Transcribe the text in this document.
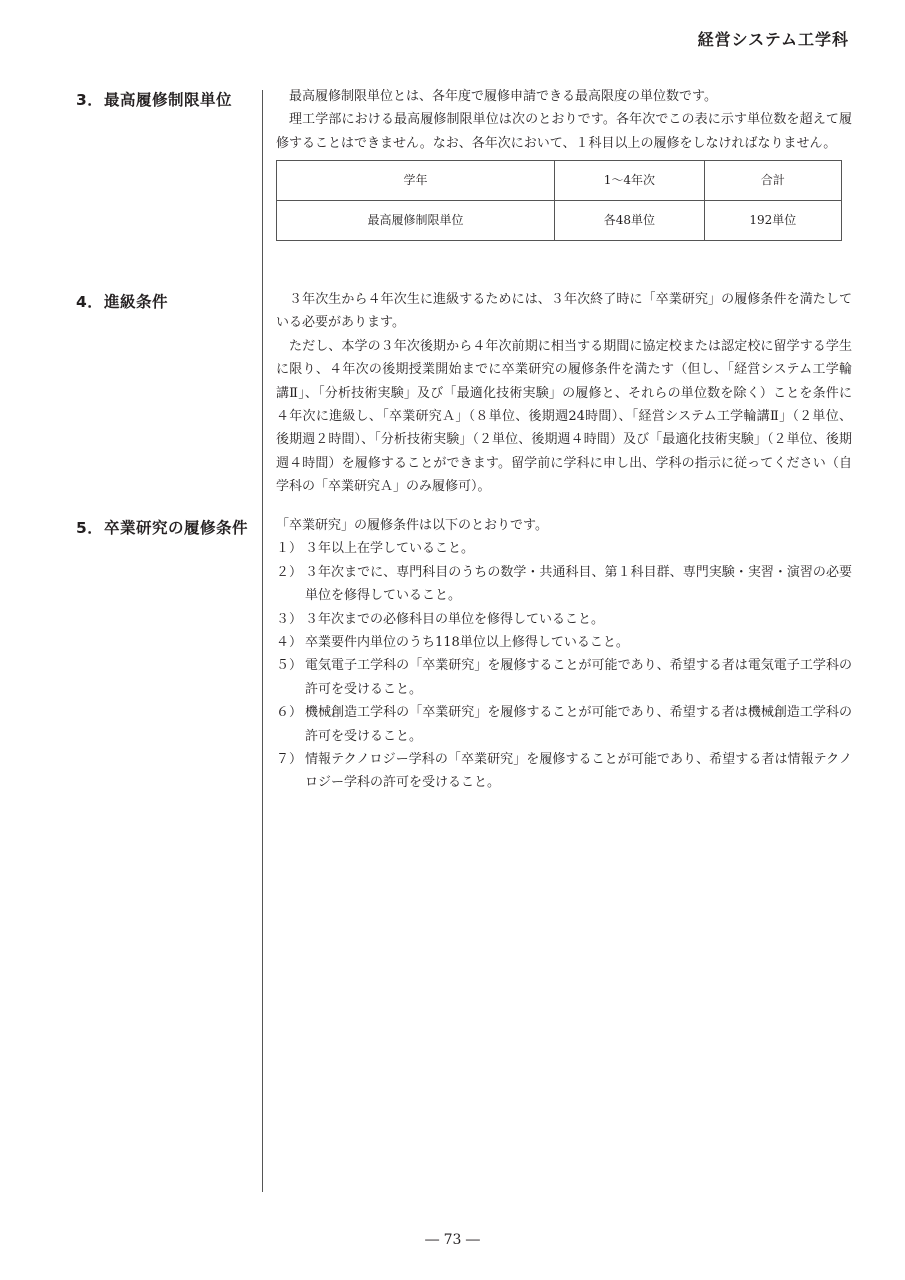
経営システム工学科
3．最高履修制限単位	最高履修制限単位とは、各年度で履修申請できる最高限度の単位数です。

理工学部における最高履修制限単位は次のとおりです。各年次でこの表に示す単位数を超えて履修することはできません。なお、各年次において、１科目以上の履修をしなければなりません。

学年	1～4年次	合計
最高履修制限単位	各48単位	192単位
4．進級条件	３年次生から４年次生に進級するためには、３年次終了時に「卒業研究」の履修条件を満たしている必要があります。

ただし、本学の３年次後期から４年次前期に相当する期間に協定校または認定校に留学する学生に限り、４年次の後期授業開始までに卒業研究の履修条件を満たす（但し、「経営システム工学輪講Ⅱ」、「分析技術実験」及び「最適化技術実験」の履修と、それらの単位数を除く）ことを条件に４年次に進級し、「卒業研究Ａ」（８単位、後期週24時間）、「経営システム工学輪講Ⅱ」（２単位、後期週２時間）、「分析技術実験」（２単位、後期週４時間）及び「最適化技術実験」（２単位、後期週４時間）を履修することができます。留学前に学科に申し出、学科の指示に従ってください（自学科の「卒業研究Ａ」のみ履修可）。

5．卒業研究の履修条件 「卒業研究」の履修条件は以下のとおりです。

１） ３年以上在学していること。
２） ３年次までに、専門科目のうちの数学・共通科目、第１科目群、専門実験・実習・演習の必要単位を修得していること。
３） ３年次までの必修科目の単位を修得していること。
４） 卒業要件内単位のうち118単位以上修得していること。
５） 電気電子工学科の「卒業研究」を履修することが可能であり、希望する者は電気電子工学科の許可を受けること。
６） 機械創造工学科の「卒業研究」を履修することが可能であり、希望する者は機械創造工学科の許可を受けること。
７） 情報テクノロジー学科の「卒業研究」を履修することが可能であり、希望する者は情報テクノロジー学科の許可を受けること。
― 73 ―
